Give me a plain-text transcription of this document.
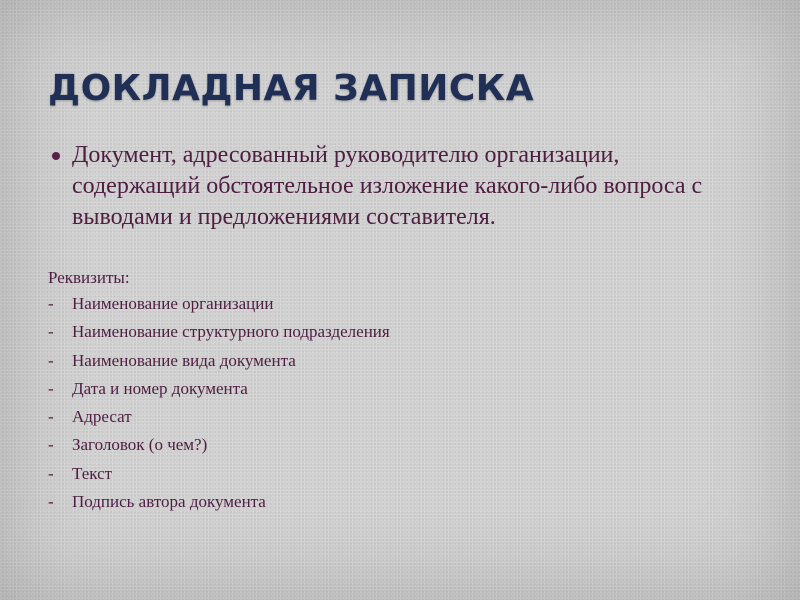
ДОКЛАДНАЯ ЗАПИСКА
Документ, адресованный руководителю организации, содержащий обстоятельное изложение какого-либо вопроса с выводами и предложениями составителя.
Реквизиты:
-	Наименование организации
-	Наименование структурного подразделения
-	Наименование вида документа
-	Дата и номер документа
-	Адресат
-	Заголовок (о чем?)
-	Текст
-	Подпись автора документа
